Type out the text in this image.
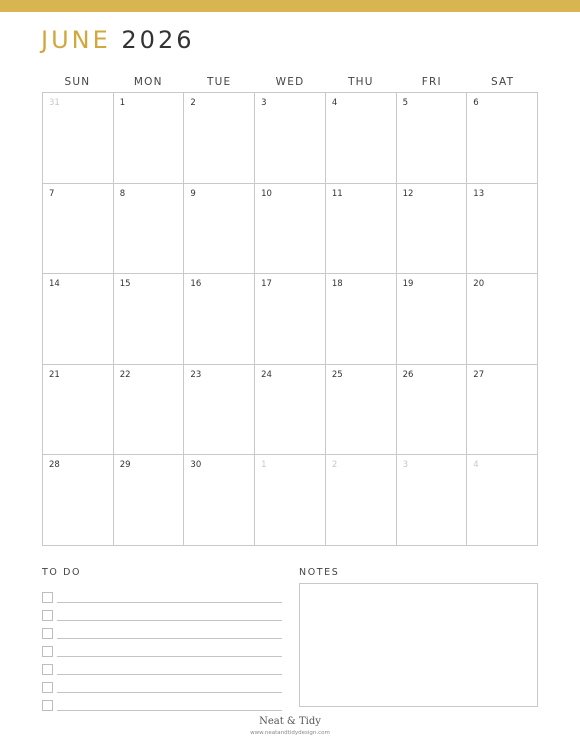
JUNE 2026
SUN	MON	TUE	WED	THU	FRI	SAT
31	1	2	3	4	5	6
7	8	9	10	11	12	13
14	15	16	17	18	19	20
21	22	23	24	25	26	27
28	29	30	1	2	3	4
TO DO	NOTES
Neat & Tidy
www.neatandtidydesign.com
